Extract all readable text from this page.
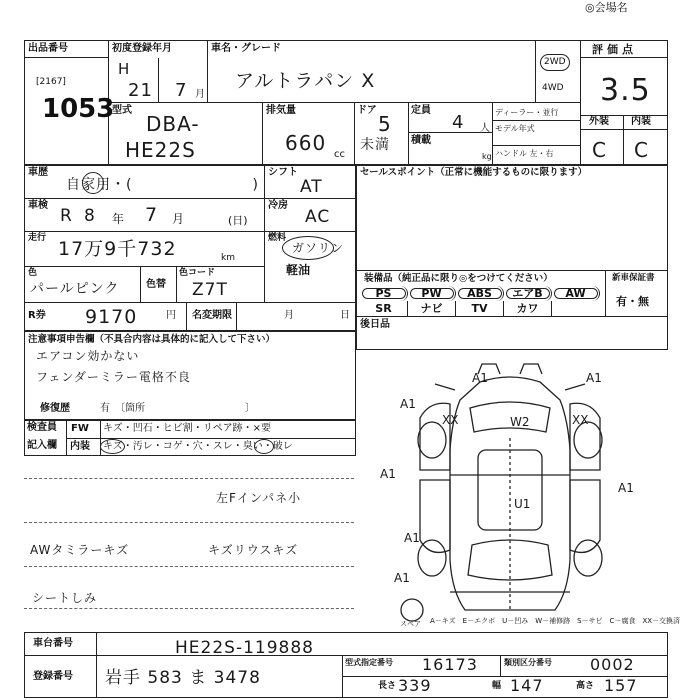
◎会場名
出品番号
[2167]
1053
初度登録年月
H
21 7 月
車名・グレード
アルトラパン X
2WD
4WD
評価点
3.5
外装 内装
C C
型式
DBA-
HE22S
排気量
660 cc
ドア
5
未満
定員
4 人
積載
kg
ディーラー・並行
モデル年式
ハンドル 左・右
車歴
自家用・(　　　　　　　　)
シフト
AT
車検
R 8 年 7 月	(日)
冷房
AC
走行 17万9千732	km
燃料
ガソリン
軽油
色
パールピンク	色替
色コード
Z7T
R券 9170	円 名変期限	月	日
セールスポイント（正常に機能するものに限ります）
装備品（純正品に限り◎をつけてください）	新車保証書
有・無
後日品
PS	PW	ABS	エアB	AW
SR	ナビ	TV	カワ
注意事項申告欄（不具合内容は具体的に記入して下さい）
エアコン効かない
フェンダーミラー電格不良
修復歴	有　〔箇所　　　　　　　　　　〕
検査員
記入欄
FW キズ・凹石・ヒビ割・リペア跡・×要
内装 キズ・汚レ・コゲ・穴・スレ・臭い・破レ
左Fインパネ小
AWタミラーキズ	キズリウスキズ
シートしみ
A1
XX	W2	XX
A1
A1
A1
U1
A1
A1
A1
スペア A－キズ　E－エクボ　U－凹み　W－補修跡　S－サビ　C－腐食　XX－交換済
車台番号	HE22S-119888
登録番号 岩手 583 ま 3478
型式指定番号 16173	類別区分番号 0002
長さ 339	幅 147	高さ 157
